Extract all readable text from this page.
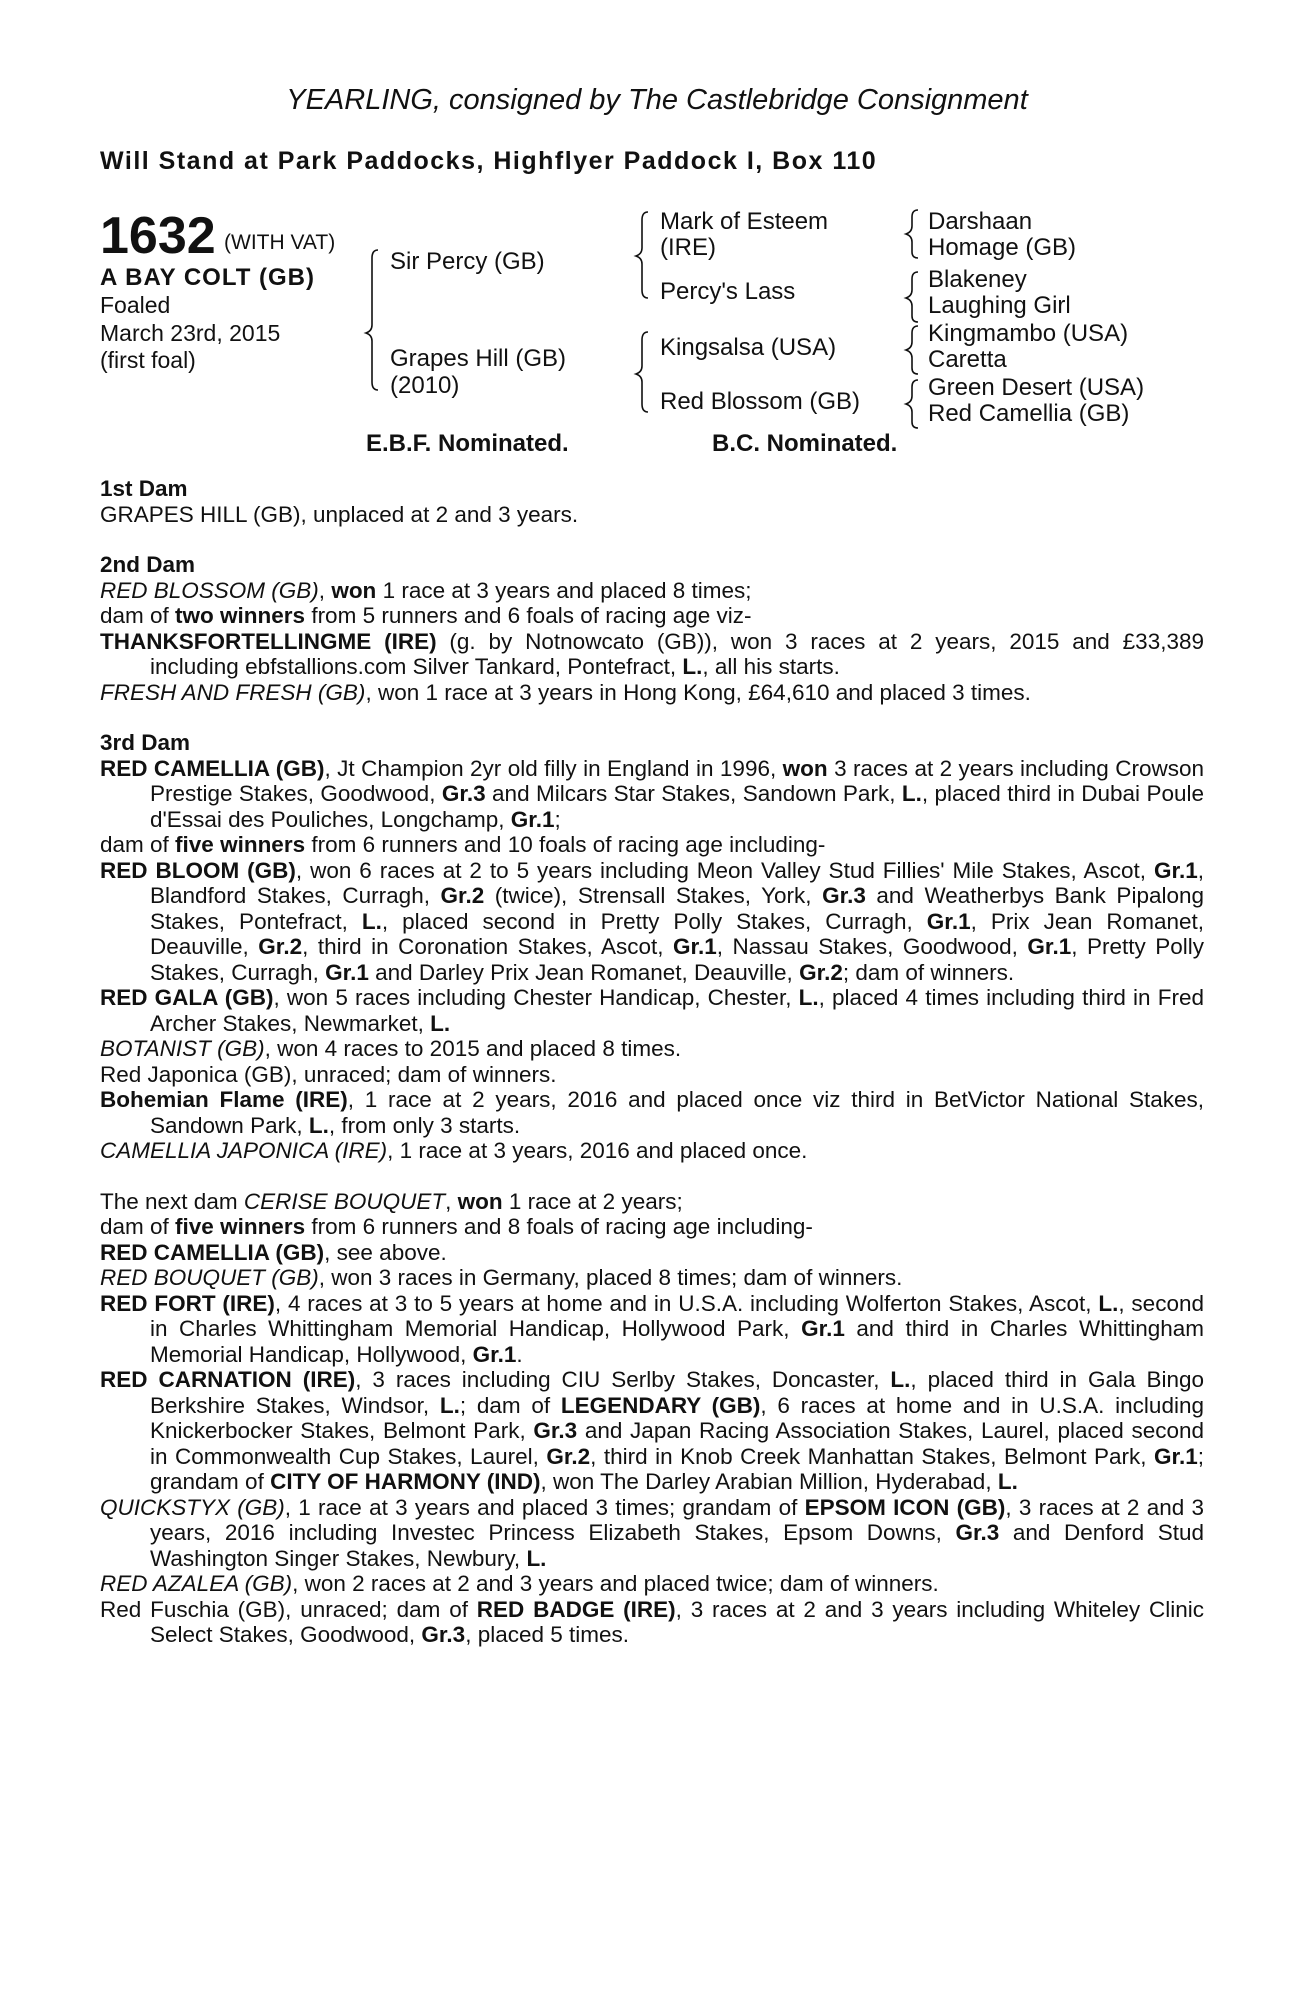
YEARLING, consigned by The Castlebridge Consignment
Will Stand at Park Paddocks, Highflyer Paddock I, Box 110
1632 (WITH VAT)
A BAY COLT (GB)
Foaled
March 23rd, 2015
(first foal)
Sir Percy (GB)
Grapes Hill (GB)
(2010)
Mark of Esteem
(IRE)
Percy's Lass
Kingsalsa (USA)
Red Blossom (GB)
Darshaan
Homage (GB)
Blakeney
Laughing Girl
Kingmambo (USA)
Caretta
Green Desert (USA)
Red Camellia (GB)
E.B.F. Nominated.	B.C. Nominated.

1st Dam

GRAPES HILL (GB), unplaced at 2 and 3 years.

2nd Dam

RED BLOSSOM (GB), won 1 race at 3 years and placed 8 times;

dam of two winners from 5 runners and 6 foals of racing age viz-

THANKSFORTELLINGME (IRE) (g. by Notnowcato (GB)), won 3 races at 2 years, 2015 and £33,389 including ebfstallions.com Silver Tankard, Pontefract, L., all his starts.

FRESH AND FRESH (GB), won 1 race at 3 years in Hong Kong, £64,610 and placed 3 times.

3rd Dam

RED CAMELLIA (GB), Jt Champion 2yr old filly in England in 1996, won 3 races at 2 years including Crowson Prestige Stakes, Goodwood, Gr.3 and Milcars Star Stakes, Sandown Park, L., placed third in Dubai Poule d'Essai des Pouliches, Longchamp, Gr.1;

dam of five winners from 6 runners and 10 foals of racing age including-

RED BLOOM (GB), won 6 races at 2 to 5 years including Meon Valley Stud Fillies' Mile Stakes, Ascot, Gr.1, Blandford Stakes, Curragh, Gr.2 (twice), Strensall Stakes, York, Gr.3 and Weatherbys Bank Pipalong Stakes, Pontefract, L., placed second in Pretty Polly Stakes, Curragh, Gr.1, Prix Jean Romanet, Deauville, Gr.2, third in Coronation Stakes, Ascot, Gr.1, Nassau Stakes, Goodwood, Gr.1, Pretty Polly Stakes, Curragh, Gr.1 and Darley Prix Jean Romanet, Deauville, Gr.2; dam of winners.

RED GALA (GB), won 5 races including Chester Handicap, Chester, L., placed 4 times including third in Fred Archer Stakes, Newmarket, L.

BOTANIST (GB), won 4 races to 2015 and placed 8 times.

Red Japonica (GB), unraced; dam of winners.

Bohemian Flame (IRE), 1 race at 2 years, 2016 and placed once viz third in BetVictor National Stakes, Sandown Park, L., from only 3 starts.

CAMELLIA JAPONICA (IRE), 1 race at 3 years, 2016 and placed once.

The next dam CERISE BOUQUET, won 1 race at 2 years;

dam of five winners from 6 runners and 8 foals of racing age including-

RED CAMELLIA (GB), see above.

RED BOUQUET (GB), won 3 races in Germany, placed 8 times; dam of winners.

RED FORT (IRE), 4 races at 3 to 5 years at home and in U.S.A. including Wolferton Stakes, Ascot, L., second in Charles Whittingham Memorial Handicap, Hollywood Park, Gr.1 and third in Charles Whittingham Memorial Handicap, Hollywood, Gr.1.

RED CARNATION (IRE), 3 races including CIU Serlby Stakes, Doncaster, L., placed third in Gala Bingo Berkshire Stakes, Windsor, L.; dam of LEGENDARY (GB), 6 races at home and in U.S.A. including Knickerbocker Stakes, Belmont Park, Gr.3 and Japan Racing Association Stakes, Laurel, placed second in Commonwealth Cup Stakes, Laurel, Gr.2, third in Knob Creek Manhattan Stakes, Belmont Park, Gr.1; grandam of CITY OF HARMONY (IND), won The Darley Arabian Million, Hyderabad, L.

QUICKSTYX (GB), 1 race at 3 years and placed 3 times; grandam of EPSOM ICON (GB), 3 races at 2 and 3 years, 2016 including Investec Princess Elizabeth Stakes, Epsom Downs, Gr.3 and Denford Stud Washington Singer Stakes, Newbury, L.

RED AZALEA (GB), won 2 races at 2 and 3 years and placed twice; dam of winners.

Red Fuschia (GB), unraced; dam of RED BADGE (IRE), 3 races at 2 and 3 years including Whiteley Clinic Select Stakes, Goodwood, Gr.3, placed 5 times.
